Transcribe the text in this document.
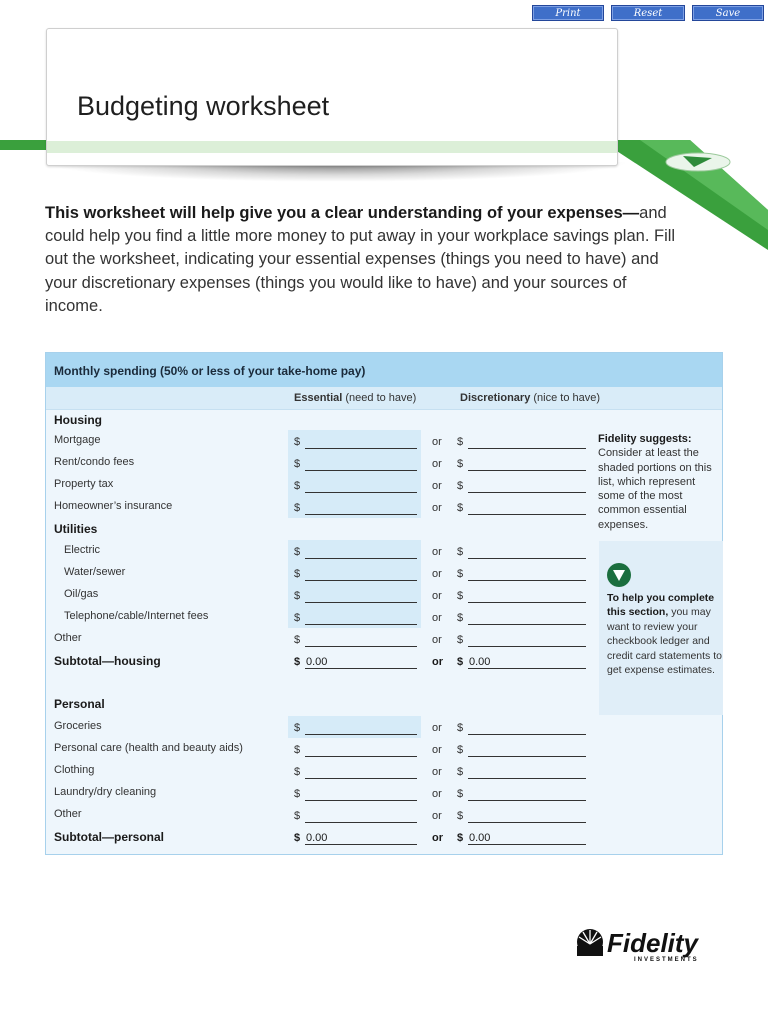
Print	Reset	Save
Budgeting worksheet
This worksheet will help give you a clear understanding of your expenses—and could help you find a little more money to put away in your workplace savings plan. Fill out the worksheet, indicating your essential expenses (things you need to have) and your discretionary expenses (things you would like to have) and your sources of income.
Monthly spending (50% or less of your take-home pay)
Essential (need to have)	Discretionary (nice to have)
Housing
Mortgage	$	or $
Rent/condo fees	$	or $
Property tax	$	or $
Homeowner’s insurance	$	or $
Utilities
Electric	$	or $
Water/sewer	$	or $
Oil/gas	$	or $
Telephone/cable/Internet fees	$	or $
Other	$	or $
Subtotal—housing	$ 0.00	or $ 0.00
Personal
Groceries	$	or $
Personal care (health and beauty aids)	$	or $
Clothing	$	or $
Laundry/dry cleaning	$	or $
Other	$	or $
Subtotal—personal	$ 0.00	or $ 0.00
Fidelity suggests:
Consider at least the shaded portions on this list, which represent some of the most common essential expenses.
To help you complete this section, you may want to review your checkbook ledger and credit card statements to get expense estimates.
Fidelity
INVESTMENTS
